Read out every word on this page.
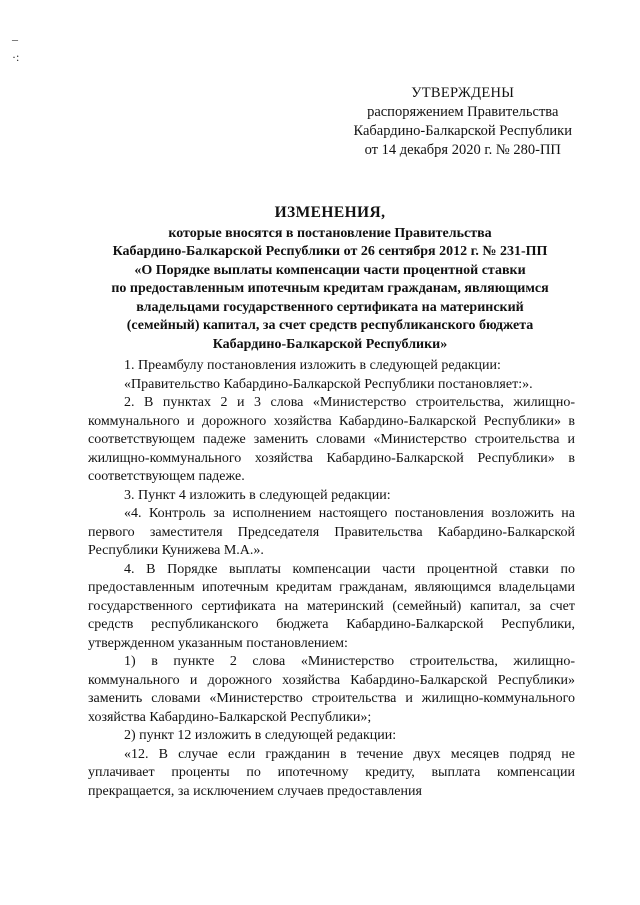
‒
·:
УТВЕРЖДЕНЫ
распоряжением Правительства
Кабардино-Балкарской Республики
от 14 декабря 2020 г. № 280-ПП
ИЗМЕНЕНИЯ,
которые вносятся в постановление Правительства
Кабардино-Балкарской Республики от 26 сентября 2012 г. № 231-ПП
«О Порядке выплаты компенсации части процентной ставки
по предоставленным ипотечным кредитам гражданам, являющимся
владельцами государственного сертификата на материнский
(семейный) капитал, за счет средств республиканского бюджета
Кабардино-Балкарской Республики»

1. Преамбулу постановления изложить в следующей редакции:

«Правительство Кабардино-Балкарской Республики постановляет:».

2. В пунктах 2 и 3 слова «Министерство строительства, жилищно-коммунального и дорожного хозяйства Кабардино-Балкарской Республики» в соответствующем падеже заменить словами «Министерство строительства и жилищно-коммунального хозяйства Кабардино-Балкарской Республики» в соответствующем падеже.

3. Пункт 4 изложить в следующей редакции:

«4. Контроль за исполнением настоящего постановления возложить на первого заместителя Председателя Правительства Кабардино-Балкарской Республики Кунижева М.А.».

4. В Порядке выплаты компенсации части процентной ставки по предоставленным ипотечным кредитам гражданам, являющимся владельцами государственного сертификата на материнский (семейный) капитал, за счет средств республиканского бюджета Кабардино-Балкарской Республики, утвержденном указанным постановлением:

1) в пункте 2 слова «Министерство строительства, жилищно-коммунального и дорожного хозяйства Кабардино-Балкарской Республики» заменить словами «Министерство строительства и жилищно-коммунального хозяйства Кабардино-Балкарской Республики»;

2) пункт 12 изложить в следующей редакции:

«12. В случае если гражданин в течение двух месяцев подряд не уплачивает проценты по ипотечному кредиту, выплата компенсации прекращается, за исключением случаев предоставления
